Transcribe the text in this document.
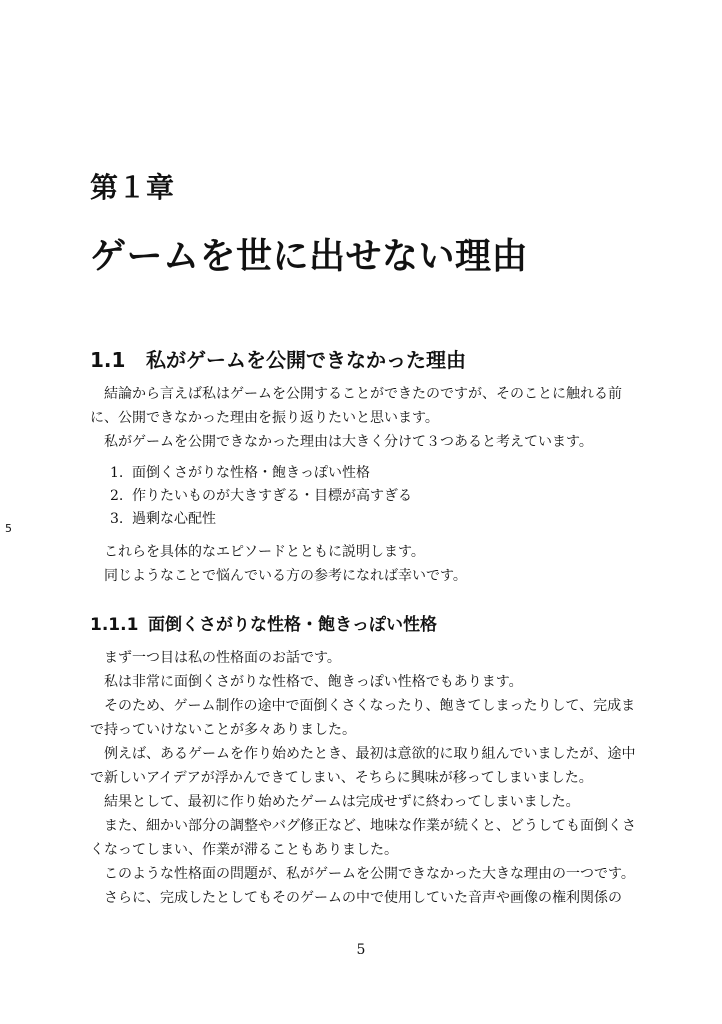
第１章
ゲームを世に出せない理由
1.1 私がゲームを公開できなかった理由

結論から言えば私はゲームを公開することができたのですが、そのことに触れる前に、公開できなかった理由を振り返りたいと思います。

私がゲームを公開できなかった理由は大きく分けて３つあると考えています。

1. 面倒くさがりな性格・飽きっぽい性格
2. 作りたいものが大きすぎる・目標が高すぎる
3. 過剰な心配性

これらを具体的なエピソードとともに説明します。

同じようなことで悩んでいる方の参考になれば幸いです。

1.1.1 面倒くさがりな性格・飽きっぽい性格

まず一つ目は私の性格面のお話です。

私は非常に面倒くさがりな性格で、飽きっぽい性格でもあります。

そのため、ゲーム制作の途中で面倒くさくなったり、飽きてしまったりして、完成まで持っていけないことが多々ありました。

例えば、あるゲームを作り始めたとき、最初は意欲的に取り組んでいましたが、途中で新しいアイデアが浮かんできてしまい、そちらに興味が移ってしまいました。

結果として、最初に作り始めたゲームは完成せずに終わってしまいました。

また、細かい部分の調整やバグ修正など、地味な作業が続くと、どうしても面倒くさくなってしまい、作業が滞ることもありました。

このような性格面の問題が、私がゲームを公開できなかった大きな理由の一つです。

さらに、完成したとしてもそのゲームの中で使用していた音声や画像の権利関係の

5
5
